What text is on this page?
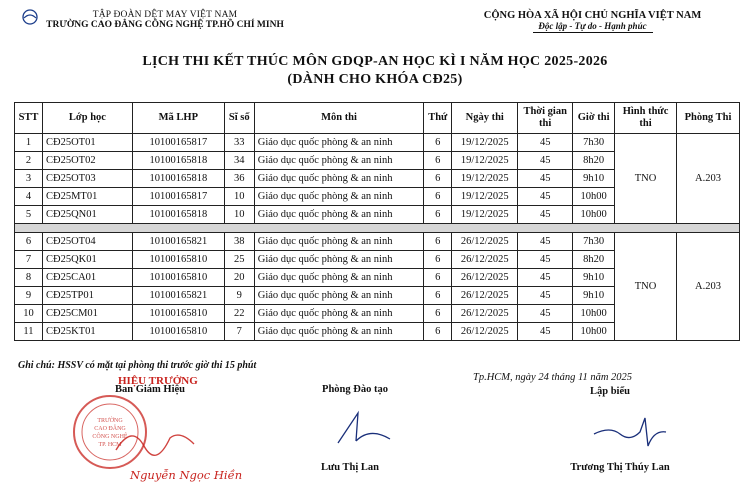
TẬP ĐOÀN DỆT MAY VIỆT NAM
TRƯỜNG CAO ĐẲNG CÔNG NGHỆ TP.HỒ CHÍ MINH
CỘNG HÒA XÃ HỘI CHỦ NGHĨA VIỆT NAM
Độc lập - Tự do - Hạnh phúc
LỊCH THI KẾT THÚC MÔN GDQP-AN HỌC KÌ I NĂM HỌC 2025-2026
(DÀNH CHO KHÓA CĐ25)
STT	Lớp học	Mã LHP	Sĩ số	Môn thi	Thứ	Ngày thi	Thời gian thi	Giờ thi	Hình thức thi	Phòng Thi
1	CĐ25OT01	10100165817	33	Giáo dục quốc phòng & an ninh	6	19/12/2025	45	7h30	TNO	A.203
2	CĐ25OT02	10100165818	34	Giáo dục quốc phòng & an ninh	6	19/12/2025	45	8h20		
3	CĐ25OT03	10100165818	36	Giáo dục quốc phòng & an ninh	6	19/12/2025	45	9h10		
4	CĐ25MT01	10100165817	10	Giáo dục quốc phòng & an ninh	6	19/12/2025	45	10h00		
5	CĐ25QN01	10100165818	10	Giáo dục quốc phòng & an ninh	6	19/12/2025	45	10h00		

6	CĐ25OT04	10100165821	38	Giáo dục quốc phòng & an ninh	6	26/12/2025	45	7h30	TNO	A.203
7	CĐ25QK01	10100165810	25	Giáo dục quốc phòng & an ninh	6	26/12/2025	45	8h20		
8	CĐ25CA01	10100165810	20	Giáo dục quốc phòng & an ninh	6	26/12/2025	45	9h10		
9	CĐ25TP01	10100165821	9	Giáo dục quốc phòng & an ninh	6	26/12/2025	45	9h10		
10	CĐ25CM01	10100165810	22	Giáo dục quốc phòng & an ninh	6	26/12/2025	45	10h00		
11	CĐ25KT01	10100165810	7	Giáo dục quốc phòng & an ninh	6	26/12/2025	45	10h00		
Ghi chú: HSSV có mặt tại phòng thi trước giờ thi 15 phút
Tp.HCM, ngày 24 tháng 11 năm 2025
HIỆU TRƯỞNG
Ban Giám Hiệu	Phòng Đào tạo	Lập biểu
TRƯỜNG
CAO ĐẲNG
CÔNG NGHỆ
TP. HCM
Nguyễn Ngọc Hiền
Lưu Thị Lan	Trương Thị Thúy Lan
